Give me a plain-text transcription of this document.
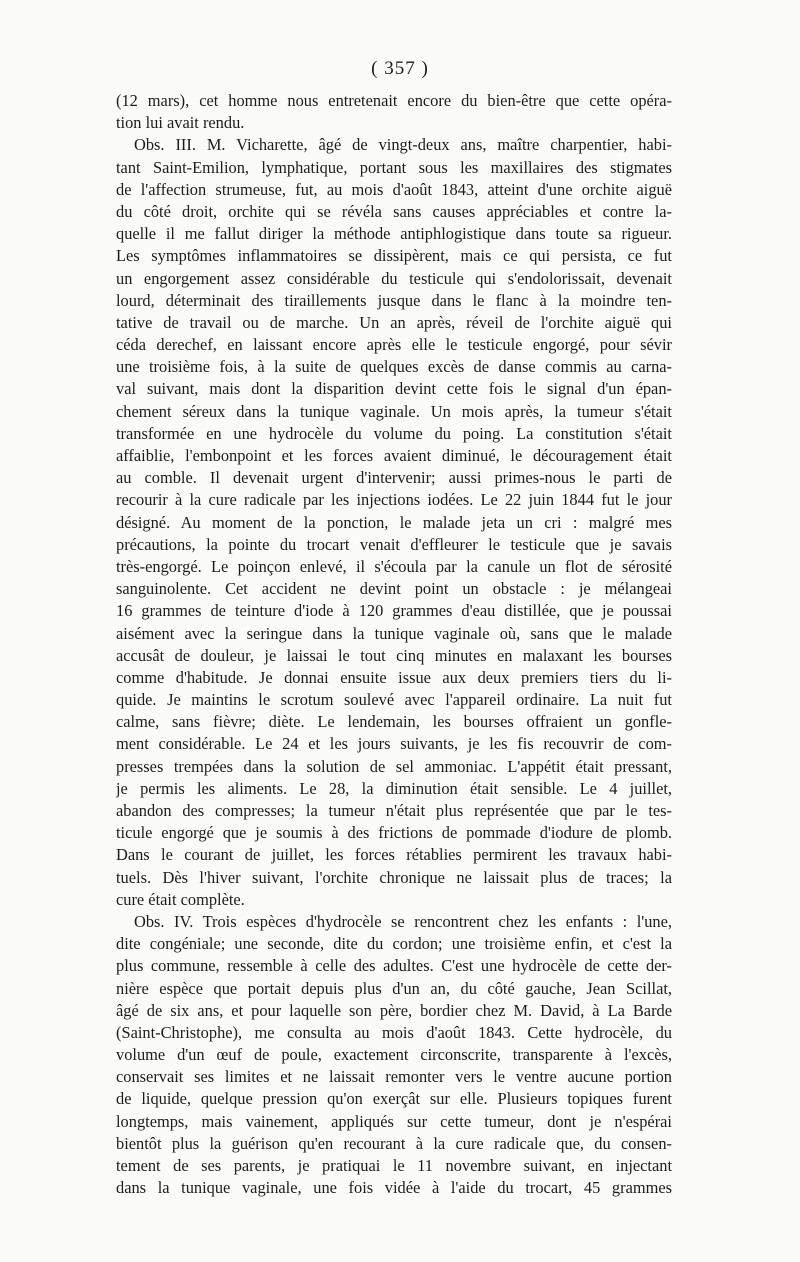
( 357 )
(12 mars), cet homme nous entretenait encore du bien-être que cette opéra-
tion lui avait rendu.
Obs. III. M. Vicharette, âgé de vingt-deux ans, maître charpentier, habi-
tant Saint-Emilion, lymphatique, portant sous les maxillaires des stigmates
de l'affection strumeuse, fut, au mois d'août 1843, atteint d'une orchite aiguë
du côté droit, orchite qui se révéla sans causes appréciables et contre la-
quelle il me fallut diriger la méthode antiphlogistique dans toute sa rigueur.
Les symptômes inflammatoires se dissipèrent, mais ce qui persista, ce fut
un engorgement assez considérable du testicule qui s'endolorissait, devenait
lourd, déterminait des tiraillements jusque dans le flanc à la moindre ten-
tative de travail ou de marche. Un an après, réveil de l'orchite aiguë qui
céda derechef, en laissant encore après elle le testicule engorgé, pour sévir
une troisième fois, à la suite de quelques excès de danse commis au carna-
val suivant, mais dont la disparition devint cette fois le signal d'un épan-
chement séreux dans la tunique vaginale. Un mois après, la tumeur s'était
transformée en une hydrocèle du volume du poing. La constitution s'était
affaiblie, l'embonpoint et les forces avaient diminué, le découragement était
au comble. Il devenait urgent d'intervenir; aussi primes-nous le parti de
recourir à la cure radicale par les injections iodées. Le 22 juin 1844 fut le jour
désigné. Au moment de la ponction, le malade jeta un cri : malgré mes
précautions, la pointe du trocart venait d'effleurer le testicule que je savais
très-engorgé. Le poinçon enlevé, il s'écoula par la canule un flot de sérosité
sanguinolente. Cet accident ne devint point un obstacle : je mélangeai
16 grammes de teinture d'iode à 120 grammes d'eau distillée, que je poussai
aisément avec la seringue dans la tunique vaginale où, sans que le malade
accusât de douleur, je laissai le tout cinq minutes en malaxant les bourses
comme d'habitude. Je donnai ensuite issue aux deux premiers tiers du li-
quide. Je maintins le scrotum soulevé avec l'appareil ordinaire. La nuit fut
calme, sans fièvre; diète. Le lendemain, les bourses offraient un gonfle-
ment considérable. Le 24 et les jours suivants, je les fis recouvrir de com-
presses trempées dans la solution de sel ammoniac. L'appétit était pressant,
je permis les aliments. Le 28, la diminution était sensible. Le 4 juillet,
abandon des compresses; la tumeur n'était plus représentée que par le tes-
ticule engorgé que je soumis à des frictions de pommade d'iodure de plomb.
Dans le courant de juillet, les forces rétablies permirent les travaux habi-
tuels. Dès l'hiver suivant, l'orchite chronique ne laissait plus de traces; la
cure était complète.
Obs. IV. Trois espèces d'hydrocèle se rencontrent chez les enfants : l'une,
dite congéniale; une seconde, dite du cordon; une troisième enfin, et c'est la
plus commune, ressemble à celle des adultes. C'est une hydrocèle de cette der-
nière espèce que portait depuis plus d'un an, du côté gauche, Jean Scillat,
âgé de six ans, et pour laquelle son père, bordier chez M. David, à La Barde
(Saint-Christophe), me consulta au mois d'août 1843. Cette hydrocèle, du
volume d'un œuf de poule, exactement circonscrite, transparente à l'excès,
conservait ses limites et ne laissait remonter vers le ventre aucune portion
de liquide, quelque pression qu'on exerçât sur elle. Plusieurs topiques furent
longtemps, mais vainement, appliqués sur cette tumeur, dont je n'espérai
bientôt plus la guérison qu'en recourant à la cure radicale que, du consen-
tement de ses parents, je pratiquai le 11 novembre suivant, en injectant
dans la tunique vaginale, une fois vidée à l'aide du trocart, 45 grammes
